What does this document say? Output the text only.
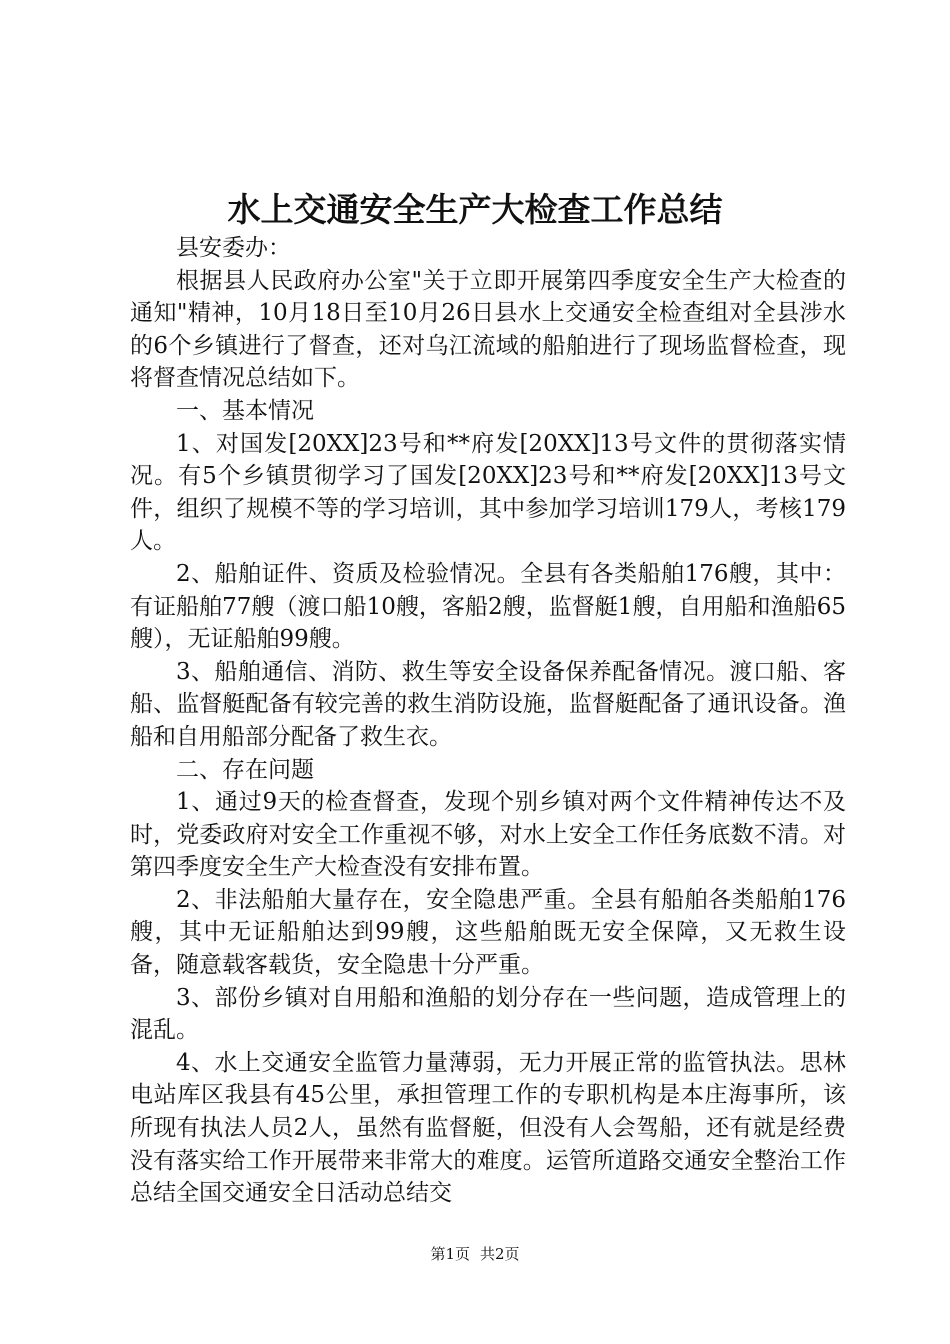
水上交通安全生产大检查工作总结

县安委办：

根据县人民政府办公室"关于立即开展第四季度安全生产大检查的通知"精神，10月18日至10月26日县水上交通安全检查组对全县涉水的6个乡镇进行了督查，还对乌江流域的船舶进行了现场监督检查，现将督查情况总结如下。

一、基本情况

1、对国发[20XX]23号和**府发[20XX]13号文件的贯彻落实情况。有5个乡镇贯彻学习了国发[20XX]23号和**府发[20XX]13号文件，组织了规模不等的学习培训，其中参加学习培训179人，考核179人。

2、船舶证件、资质及检验情况。全县有各类船舶176艘，其中：有证船舶77艘（渡口船10艘，客船2艘，监督艇1艘，自用船和渔船65艘），无证船舶99艘。

3、船舶通信、消防、救生等安全设备保养配备情况。渡口船、客船、监督艇配备有较完善的救生消防设施，监督艇配备了通讯设备。渔船和自用船部分配备了救生衣。

二、存在问题

1、通过9天的检查督查，发现个别乡镇对两个文件精神传达不及时，党委政府对安全工作重视不够，对水上安全工作任务底数不清。对第四季度安全生产大检查没有安排布置。

2、非法船舶大量存在，安全隐患严重。全县有船舶各类船舶176艘，其中无证船舶达到99艘，这些船舶既无安全保障，又无救生设备，随意载客载货，安全隐患十分严重。

3、部份乡镇对自用船和渔船的划分存在一些问题，造成管理上的混乱。

4、水上交通安全监管力量薄弱，无力开展正常的监管执法。思林电站库区我县有45公里，承担管理工作的专职机构是本庄海事所，该所现有执法人员2人，虽然有监督艇，但没有人会驾船，还有就是经费没有落实给工作开展带来非常大的难度。运管所道路交通安全整治工作总结全国交通安全日活动总结交

第1页 共2页
